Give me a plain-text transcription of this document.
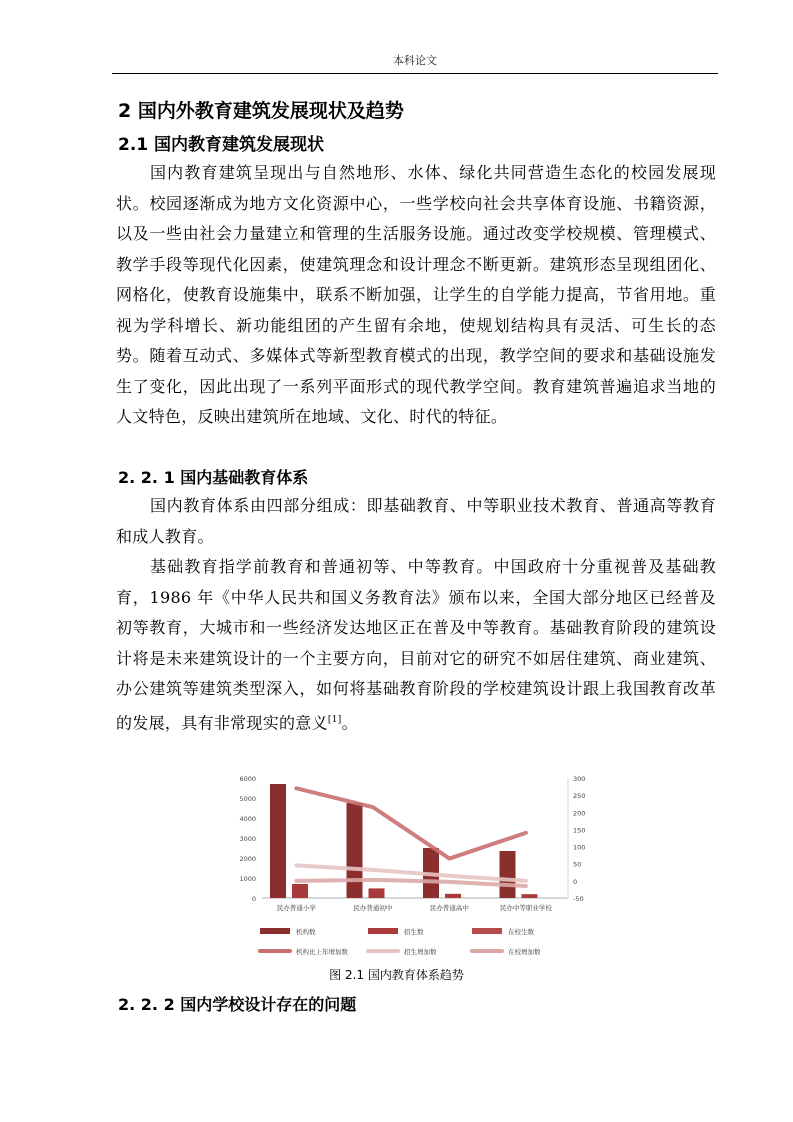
本科论文
2 国内外教育建筑发展现状及趋势
2.1 国内教育建筑发展现状
国内教育建筑呈现出与自然地形、水体、绿化共同营造生态化的校园发展现状。校园逐渐成为地方文化资源中心，一些学校向社会共享体育设施、书籍资源，以及一些由社会力量建立和管理的生活服务设施。通过改变学校规模、管理模式、教学手段等现代化因素，使建筑理念和设计理念不断更新。建筑形态呈现组团化、网格化，使教育设施集中，联系不断加强，让学生的自学能力提高，节省用地。重视为学科增长、新功能组团的产生留有余地，使规划结构具有灵活、可生长的态势。随着互动式、多媒体式等新型教育模式的出现，教学空间的要求和基础设施发生了变化，因此出现了一系列平面形式的现代教学空间。教育建筑普遍追求当地的人文特色，反映出建筑所在地域、文化、时代的特征。
2. 2. 1 国内基础教育体系
国内教育体系由四部分组成：即基础教育、中等职业技术教育、普通高等教育和成人教育。
基础教育指学前教育和普通初等、中等教育。中国政府十分重视普及基础教育，1986 年《中华人民共和国义务教育法》颁布以来，全国大部分地区已经普及初等教育，大城市和一些经济发达地区正在普及中等教育。基础教育阶段的建筑设计将是未来建筑设计的一个主要方向，目前对它的研究不如居住建筑、商业建筑、办公建筑等建筑类型深入，如何将基础教育阶段的学校建筑设计跟上我国教育改革的发展，具有非常现实的意义[1]。
0
1000
2000
3000
4000
5000
6000
-50
0
50
100
150
200
250
300
民办普通小学	民办普通初中	民办普通高中	民办中等职业学校
机构数	招生数	在校生数
机构比上年增加数	招生增加数	在校增加数
图 2.1 国内教育体系趋势
2. 2. 2 国内学校设计存在的问题
